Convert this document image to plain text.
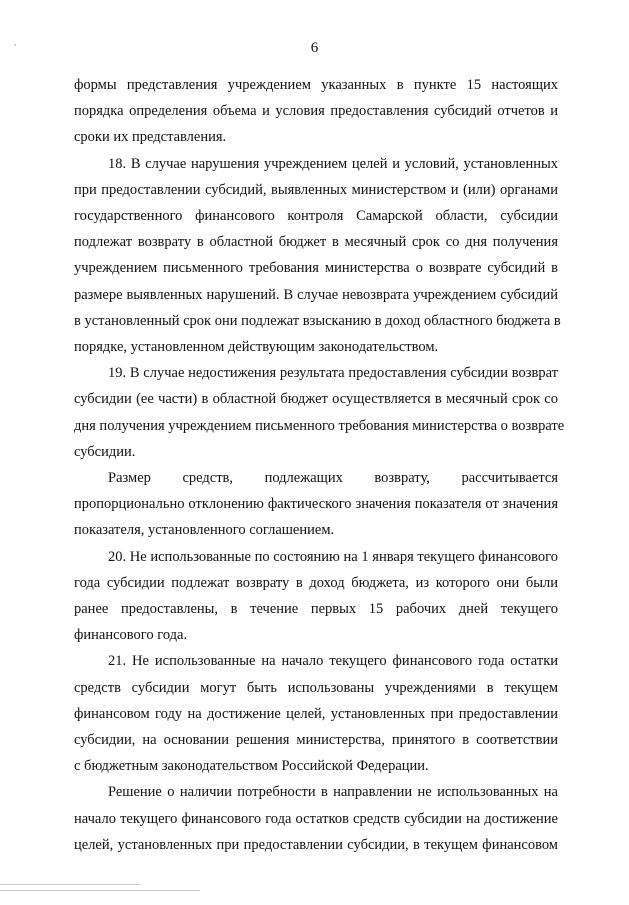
6

формы представления учреждением указанных в пункте 15 настоящих
порядка определения объема и условия предоставления субсидий отчетов и
сроки их представления.

18. В случае нарушения учреждением целей и условий, установленных
при предоставлении субсидий, выявленных министерством и (или) органами
государственного финансового контроля Самарской области, субсидии
подлежат возврату в областной бюджет в месячный срок со дня получения
учреждением письменного требования министерства о возврате субсидий в
размере выявленных нарушений. В случае невозврата учреждением субсидий
в установленный срок они подлежат взысканию в доход областного бюджета в
порядке, установленном действующим законодательством.

19. В случае недостижения результата предоставления субсидии возврат
субсидии (ее части) в областной бюджет осуществляется в месячный срок со
дня получения учреждением письменного требования министерства о возврате
субсидии.

Размер средств, подлежащих возврату, рассчитывается
пропорционально отклонению фактического значения показателя от значения
показателя, установленного соглашением.

20. Не использованные по состоянию на 1 января текущего финансового
года субсидии подлежат возврату в доход бюджета, из которого они были
ранее предоставлены, в течение первых 15 рабочих дней текущего
финансового года.

21. Не использованные на начало текущего финансового года остатки
средств субсидии могут быть использованы учреждениями в текущем
финансовом году на достижение целей, установленных при предоставлении
субсидии, на основании решения министерства, принятого в соответствии
с бюджетным законодательством Российской Федерации.

Решение о наличии потребности в направлении не использованных на
начало текущего финансового года остатков средств субсидии на достижение
целей, установленных при предоставлении субсидии, в текущем финансовом
